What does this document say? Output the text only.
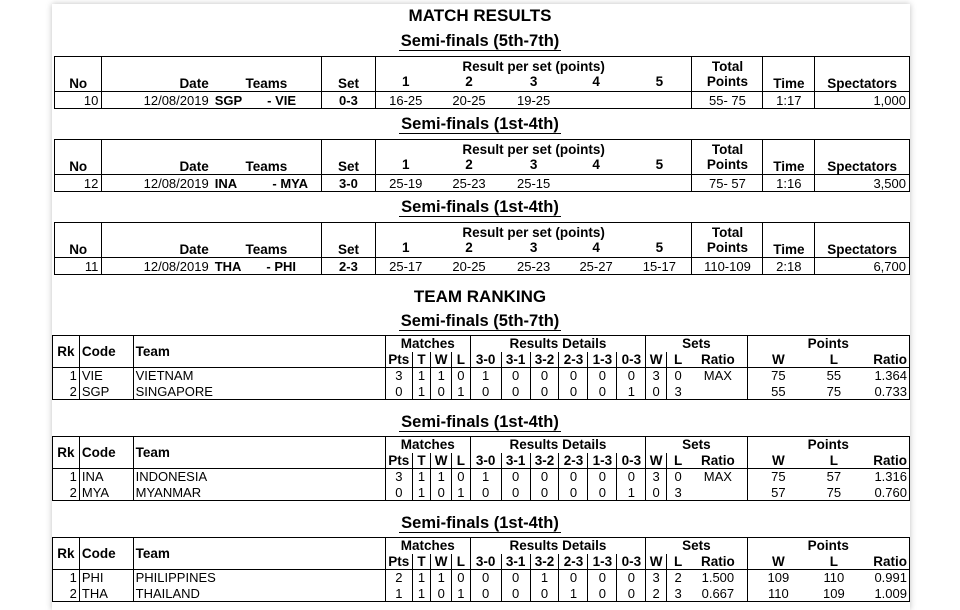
MATCH RESULTS
Semi-finals (5th-7th)
No	Date	Teams	Set	Result per set (points)					Total	Time	Spectators
				1	2	3	4	5	Points		
10	12/08/2019	SGP - VIE	0-3	16-25	20-25	19-25			55- 75	1:17	1,000
Semi-finals (1st-4th)
No	Date	Teams	Set	Result per set (points)					Total	Time	Spectators
				1	2	3	4	5	Points		
12	12/08/2019	INA - MYA	3-0	25-19	25-23	25-15			75- 57	1:16	3,500
Semi-finals (1st-4th)
No	Date	Teams	Set	Result per set (points)					Total	Time	Spectators
				1	2	3	4	5	Points		
11	12/08/2019	THA - PHI	2-3	25-17	20-25	25-23	25-27	15-17	110-109	2:18	6,700
TEAM RANKING
Semi-finals (5th-7th)
Rk	Code	Team	Matches				Results Details						Sets			Points		
			Pts	T	W	L	3-0	3-1	3-2	2-3	1-3	0-3	W	L	Ratio	W	L	Ratio
1	VIE	VIETNAM	3	1	1	0	1	0	0	0	0	0	3	0	MAX	75	55	1.364
2	SGP	SINGAPORE	0	1	0	1	0	0	0	0	0	1	0	3		55	75	0.733
Semi-finals (1st-4th)
Rk	Code	Team	Matches				Results Details						Sets			Points		
			Pts	T	W	L	3-0	3-1	3-2	2-3	1-3	0-3	W	L	Ratio	W	L	Ratio
1	INA	INDONESIA	3	1	1	0	1	0	0	0	0	0	3	0	MAX	75	57	1.316
2	MYA	MYANMAR	0	1	0	1	0	0	0	0	0	1	0	3		57	75	0.760
Semi-finals (1st-4th)
Rk	Code	Team	Matches				Results Details						Sets			Points		
			Pts	T	W	L	3-0	3-1	3-2	2-3	1-3	0-3	W	L	Ratio	W	L	Ratio
1	PHI	PHILIPPINES	2	1	1	0	0	0	1	0	0	0	3	2	1.500	109	110	0.991
2	THA	THAILAND	1	1	0	1	0	0	0	1	0	0	2	3	0.667	110	109	1.009
